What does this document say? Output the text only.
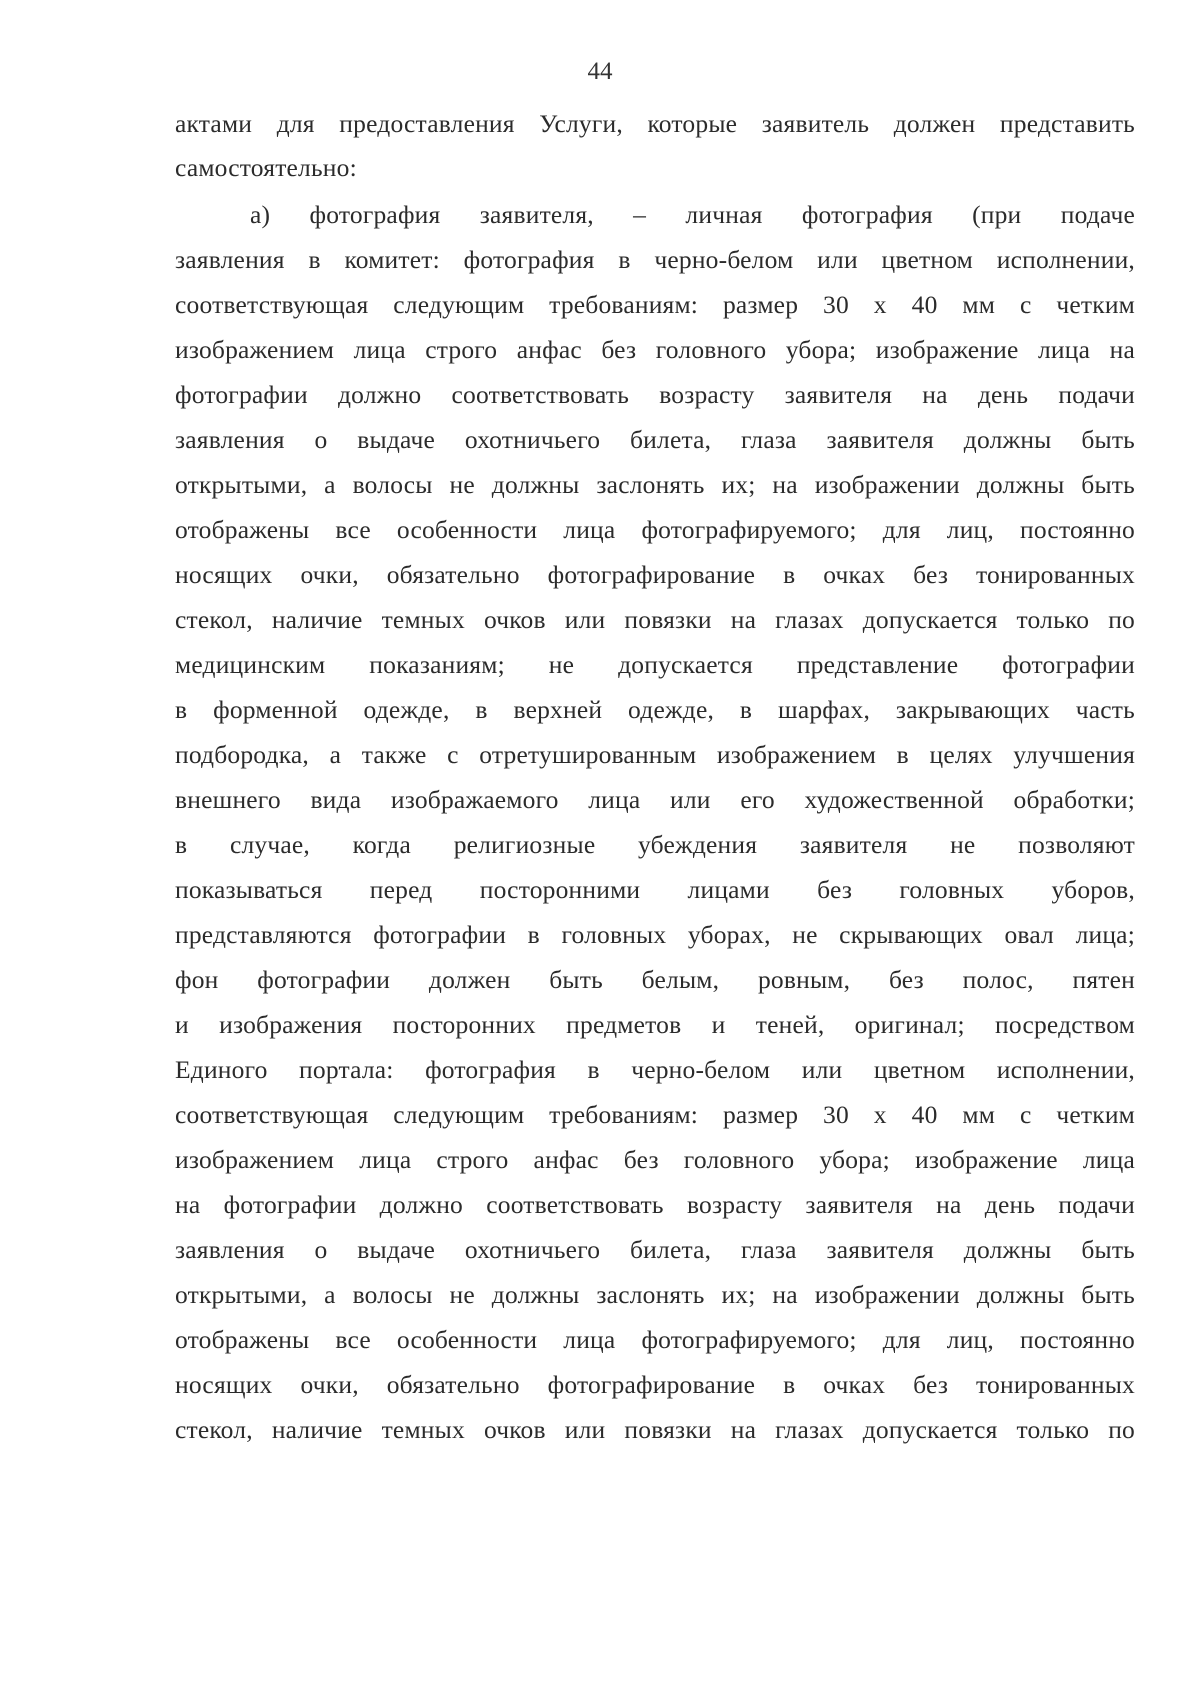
44
актами для предоставления Услуги, которые заявитель должен представить
самостоятельно:
а) фотография заявителя, – личная фотография (при подаче
заявления в комитет: фотография в черно-белом или цветном исполнении,
соответствующая следующим требованиям: размер 30 х 40 мм с четким
изображением лица строго анфас без головного убора; изображение лица на
фотографии должно соответствовать возрасту заявителя на день подачи
заявления о выдаче охотничьего билета, глаза заявителя должны быть
открытыми, а волосы не должны заслонять их; на изображении должны быть
отображены все особенности лица фотографируемого; для лиц, постоянно
носящих очки, обязательно фотографирование в очках без тонированных
стекол, наличие темных очков или повязки на глазах допускается только по
медицинским показаниям; не допускается представление фотографии
в форменной одежде, в верхней одежде, в шарфах, закрывающих часть
подбородка, а также с отретушированным изображением в целях улучшения
внешнего вида изображаемого лица или его художественной обработки;
в случае, когда религиозные убеждения заявителя не позволяют
показываться перед посторонними лицами без головных уборов,
представляются фотографии в головных уборах, не скрывающих овал лица;
фон фотографии должен быть белым, ровным, без полос, пятен
и изображения посторонних предметов и теней, оригинал; посредством
Единого портала: фотография в черно-белом или цветном исполнении,
соответствующая следующим требованиям: размер 30 х 40 мм с четким
изображением лица строго анфас без головного убора; изображение лица
на фотографии должно соответствовать возрасту заявителя на день подачи
заявления о выдаче охотничьего билета, глаза заявителя должны быть
открытыми, а волосы не должны заслонять их; на изображении должны быть
отображены все особенности лица фотографируемого; для лиц, постоянно
носящих очки, обязательно фотографирование в очках без тонированных
стекол, наличие темных очков или повязки на глазах допускается только по
